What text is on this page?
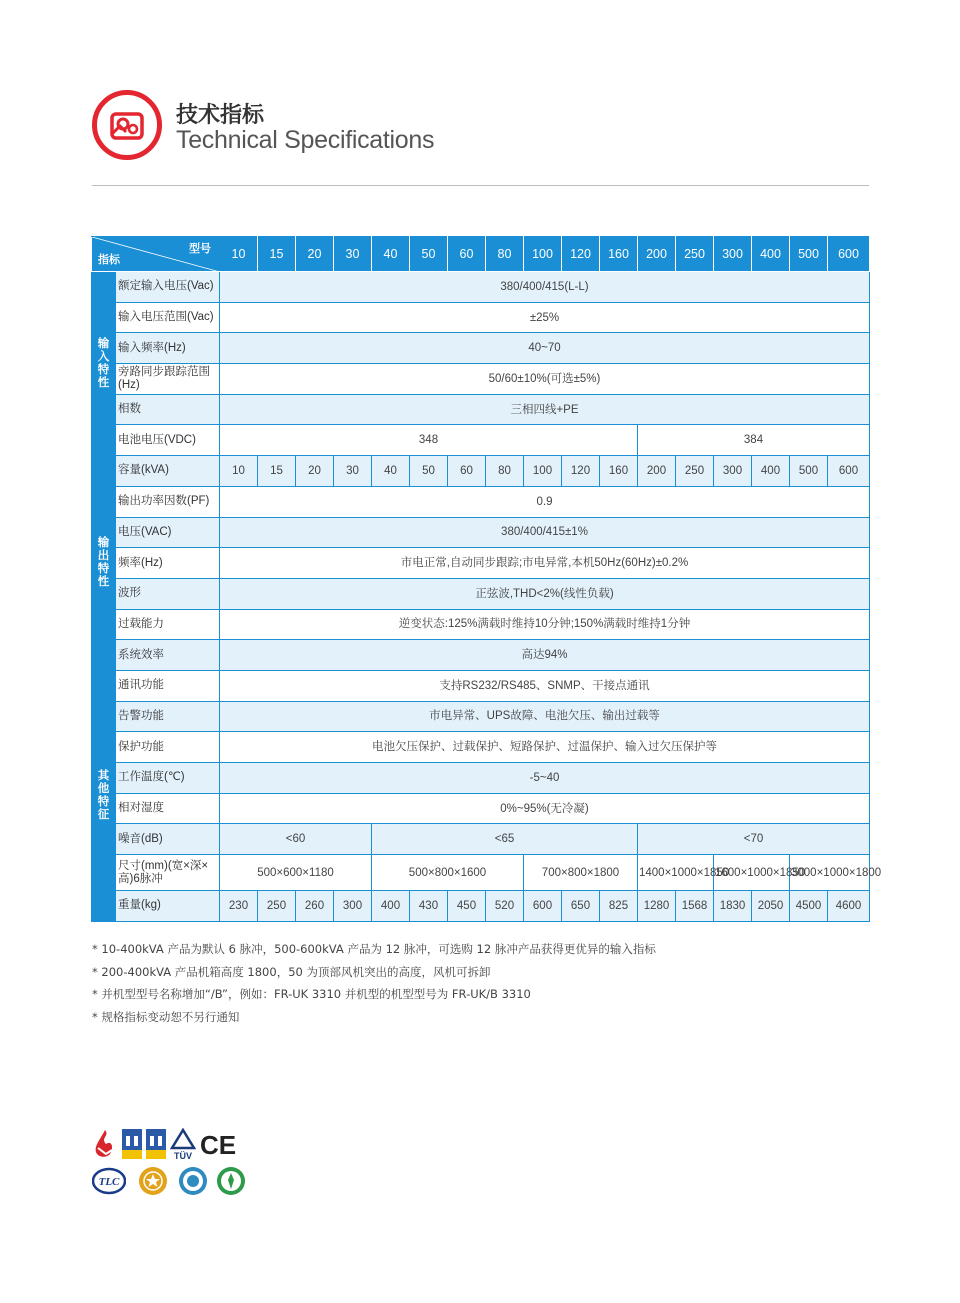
技术指标
Technical Specifications
型号
指标		10	15	20	30	40	50	60	80	100	120	160	200	250	300	400	500	600
输入特性	额定输入电压(Vac)	380/400/415(L-L)																
	输入电压范围(Vac)	±25%																
	输入频率(Hz)	40~70																
	旁路同步跟踪范围(Hz)	50/60±10%(可选±5%)																
	相数	三相四线+PE																
	电池电压(VDC)	348											384					
输出特性	容量(kVA)	10	15	20	30	40	50	60	80	100	120	160	200	250	300	400	500	600
	输出功率因数(PF)	0.9																
	电压(VAC)	380/400/415±1%																
	频率(Hz)	市电正常,自动同步跟踪;市电异常,本机50Hz(60Hz)±0.2%																
	波形	正弦波,THD<2%(线性负载)																
	过载能力	逆变状态:125%满载时维持10分钟;150%满载时维持1分钟																
	系统效率	高达94%																
其他特征	通讯功能	支持RS232/RS485、SNMP、干接点通讯																
	告警功能	市电异常、UPS故障、电池欠压、输出过载等																
	保护功能	电池欠压保护、过载保护、短路保护、过温保护、输入过欠压保护等																
	工作温度(℃)	-5~40																
	相对湿度	0%~95%(无冷凝)																
	噪音(dB)	<60				<65							<70					
	尺寸(mm)(宽×深×高)6脉冲	500×600×1180				500×800×1600				700×800×1800			1400×1000×1850		1600×1000×1850		3000×1000×1800	
	重量(kg)	230	250	260	300	400	430	450	520	600	650	825	1280	1568	1830	2050	4500	4600
* 10-400kVA 产品为默认 6 脉冲，500-600kVA 产品为 12 脉冲，可选购 12 脉冲产品获得更优异的输入指标
* 200-400kVA 产品机箱高度 1800，50 为顶部风机突出的高度，风机可拆卸
* 并机型型号名称增加“/B”，例如：FR-UK 3310 并机型的机型型号为 FR-UK/B 3310
* 规格指标变动恕不另行通知
TÜV CE
TLC
